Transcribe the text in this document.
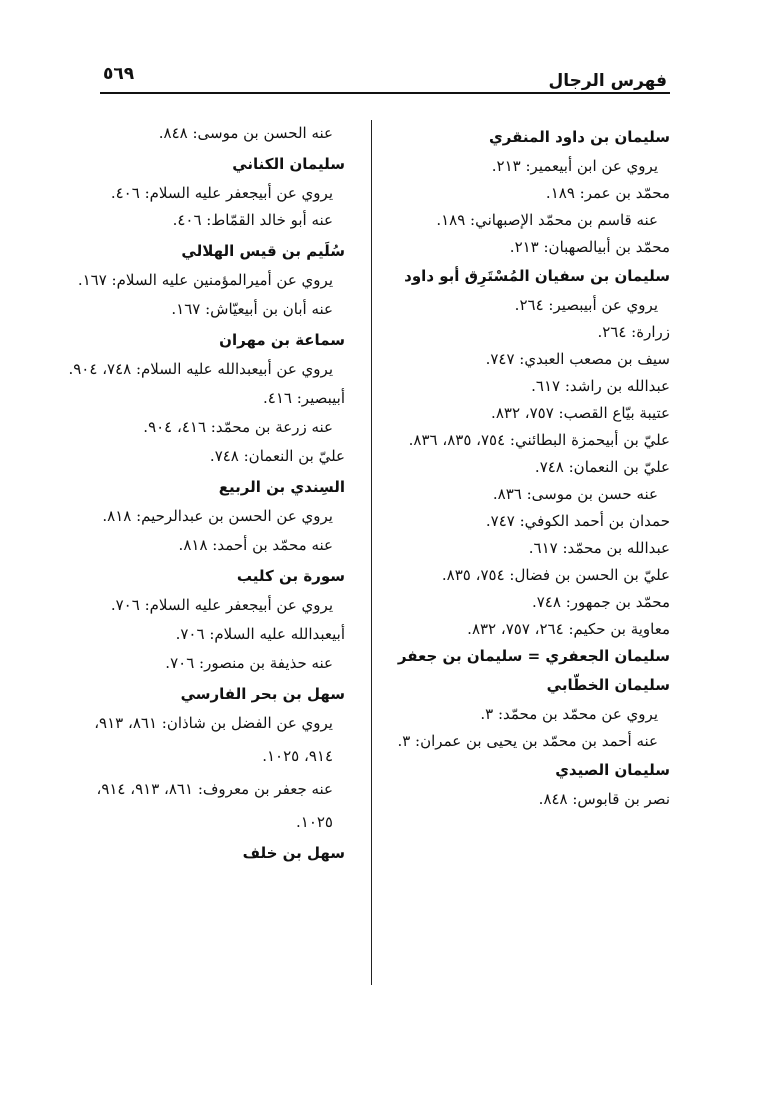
فهرس الرجال
٥٦٩
سليمان بن داود المنقري
يروي عن ابن أبيعمير: ٢١٣.
محمّد بن عمر: ١٨٩.
عنه قاسم بن محمّد الإصبهاني: ١٨٩.
محمّد بن أبيالصهبان: ٢١٣.
سليمان بن سفيان المُسْتَرِق أبو داود
يروي عن أبيبصير: ٢٦٤.
زرارة: ٢٦٤.
سيف بن مصعب العبدي: ٧٤٧.
عبدالله بن راشد: ٦١٧.
عتيبة بيّاع القصب: ٧٥٧، ٨٣٢.
عليّ بن أبيحمزة البطائني: ٧٥٤، ٨٣٥، ٨٣٦.
عليّ بن النعمان: ٧٤٨.
عنه حسن بن موسى: ٨٣٦.
حمدان بن أحمد الكوفي: ٧٤٧.
عبدالله بن محمّد: ٦١٧.
عليّ بن الحسن بن فضال: ٧٥٤، ٨٣٥.
محمّد بن جمهور: ٧٤٨.
معاوية بن حكيم: ٢٦٤، ٧٥٧، ٨٣٢.
سليمان الجعفري = سليمان بن جعفر
سليمان الخطّابي
يروي عن محمّد بن محمّد: ٣.
عنه أحمد بن محمّد بن يحيى بن عمران: ٣.
سليمان الصيدي
نصر بن قابوس: ٨٤٨.
عنه الحسن بن موسى: ٨٤٨.
سليمان الكناني
يروي عن أبيجعفر عليه السلام: ٤٠٦.
عنه أبو خالد القمّاط: ٤٠٦.
سُلَيم بن قيس الهلالي
يروي عن أميرالمؤمنين عليه السلام: ١٦٧.
عنه أبان بن أبيعيّاش: ١٦٧.
سماعة بن مهران
يروي عن أبيعبدالله عليه السلام: ٧٤٨، ٩٠٤.
أبيبصير: ٤١٦.
عنه زرعة بن محمّد: ٤١٦، ٩٠٤.
عليّ بن النعمان: ٧٤٨.
السِندي بن الربيع
يروي عن الحسن بن عبدالرحيم: ٨١٨.
عنه محمّد بن أحمد: ٨١٨.
سورة بن كليب
يروي عن أبيجعفر عليه السلام: ٧٠٦.
أبيعبدالله عليه السلام: ٧٠٦.
عنه حذيفة بن منصور: ٧٠٦.
سهل بن بحر الفارسي
يروي عن الفضل بن شاذان: ٨٦١، ٩١٣،
٩١٤، ١٠٢٥.
عنه جعفر بن معروف: ٨٦١، ٩١٣، ٩١٤،
١٠٢٥.
سهل بن خلف
